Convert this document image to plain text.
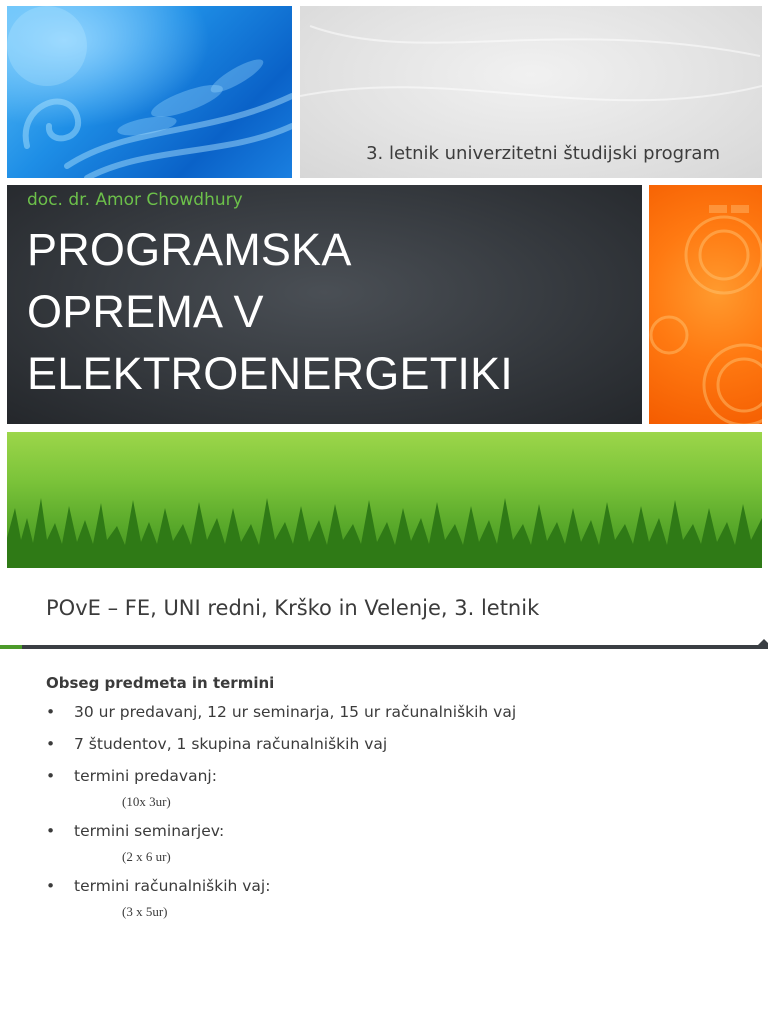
3. letnik univerzitetni študijski program
doc. dr. Amor Chowdhury
PROGRAMSKA
OPREMA V
ELEKTROENERGETIKI
POvE – FE, UNI redni, Krško in Velenje, 3. letnik
Obseg predmeta in termini
• 30 ur predavanj, 12 ur seminarja, 15 ur računalniških vaj
• 7 študentov, 1 skupina računalniških vaj
• termini predavanj:
(10x 3ur)
• termini seminarjev:
(2 x 6 ur)
• termini računalniških vaj:
(3 x 5ur)
